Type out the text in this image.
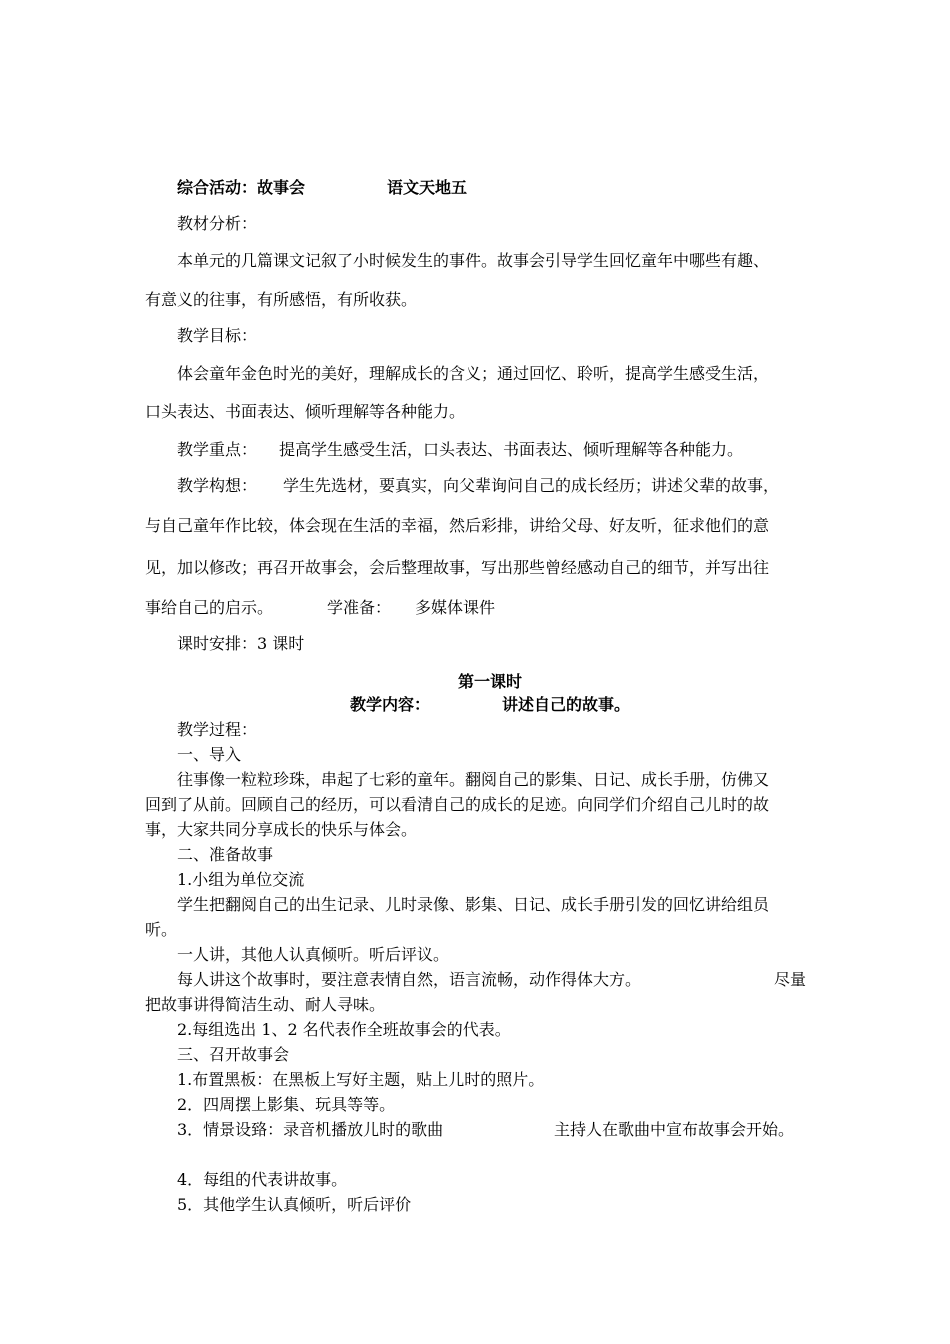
综合活动：故事会	语文天地五
教材分析：
本单元的几篇课文记叙了小时候发生的事件。故事会引导学生回忆童年中哪些有趣、
有意义的往事，有所感悟，有所收获。
教学目标：
体会童年金色时光的美好，理解成长的含义；通过回忆、聆听，提高学生感受生活，
口头表达、书面表达、倾听理解等各种能力。
教学重点： 提高学生感受生活，口头表达、书面表达、倾听理解等各种能力。
教学构想： 学生先选材，要真实，向父辈询问自己的成长经历；讲述父辈的故事，
与自己童年作比较，体会现在生活的幸福，然后彩排，讲给父母、好友听，征求他们的意
见，加以修改；再召开故事会，会后整理故事，写出那些曾经感动自己的细节，并写出往
事给自己的启示。	学准备： 多媒体课件
课时安排：3 课时
第一课时
教学内容：	讲述自己的故事。
教学过程：
一、导入
往事像一粒粒珍珠，串起了七彩的童年。翻阅自己的影集、日记、成长手册，仿佛又
回到了从前。回顾自己的经历，可以看清自己的成长的足迹。向同学们介绍自己儿时的故
事，大家共同分享成长的快乐与体会。
二、准备故事
1.小组为单位交流
学生把翻阅自己的出生记录、儿时录像、影集、日记、成长手册引发的回忆讲给组员
听。
一人讲，其他人认真倾听。听后评议。
每人讲这个故事时，要注意表情自然，语言流畅，动作得体大方。	尽量
把故事讲得简洁生动、耐人寻味。
2.每组选出 1、2 名代表作全班故事会的代表。
三、召开故事会
1.布置黑板：在黑板上写好主题，贴上儿时的照片。
2．四周摆上影集、玩具等等。
3．情景设臵：录音机播放儿时的歌曲	主持人在歌曲中宣布故事会开始。
4．每组的代表讲故事。
5．其他学生认真倾听，听后评价
